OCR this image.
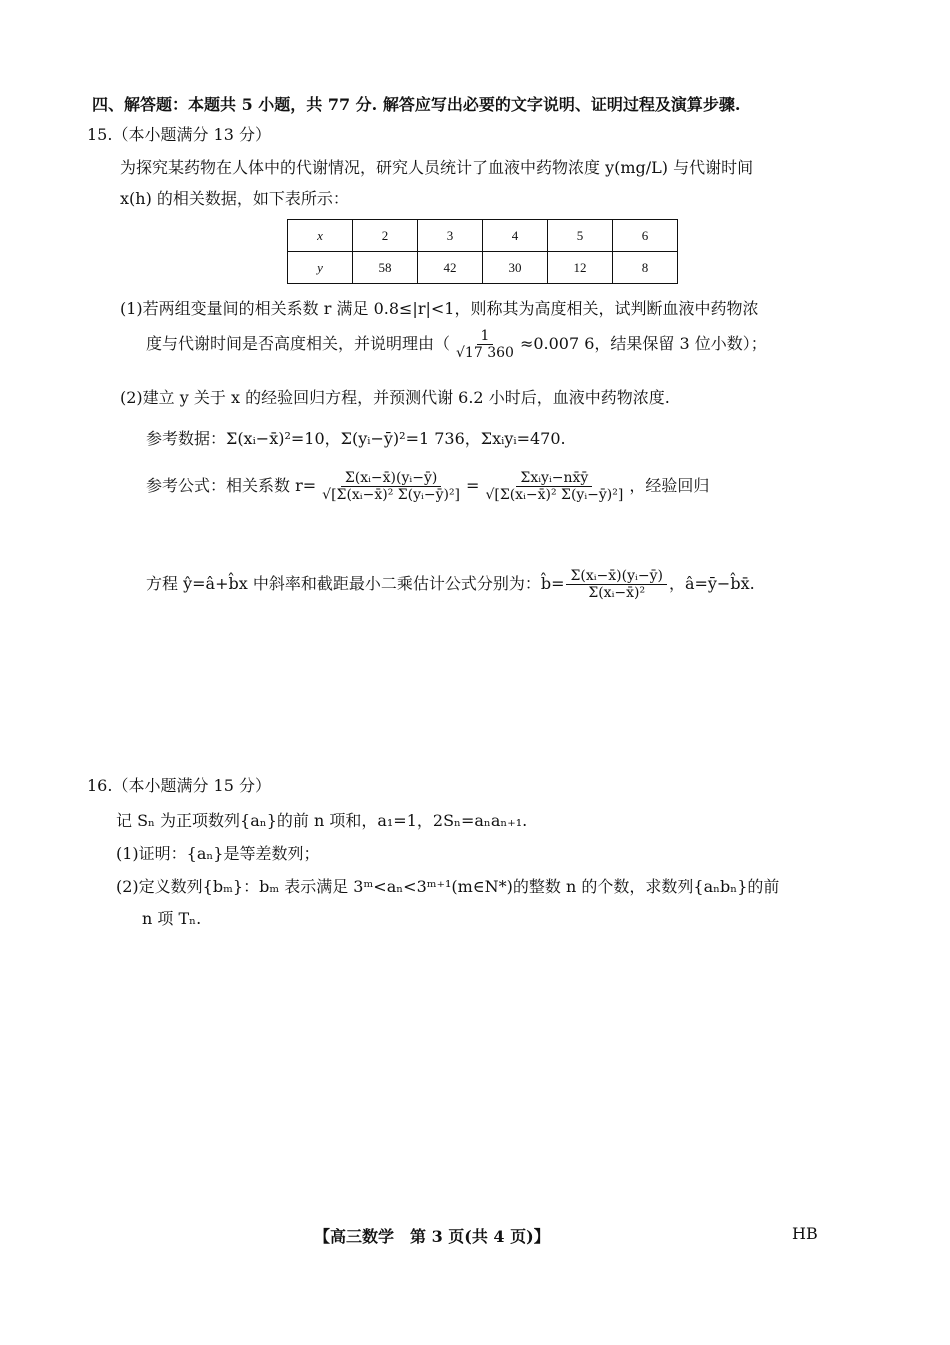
四、解答题：本题共 5 小题，共 77 分. 解答应写出必要的文字说明、证明过程及演算步骤.
15.（本小题满分 13 分）
为探究某药物在人体中的代谢情况，研究人员统计了血液中药物浓度 y(mg/L) 与代谢时间
x(h) 的相关数据，如下表所示：
x	2	3	4	5	6
y	58	42	30	12	8
(1)若两组变量间的相关系数 r 满足 0.8≤|r|<1，则称其为高度相关，试判断血液中药物浓
度与代谢时间是否高度相关，并说明理由（ $\frac{1}{√17 360} \approx 0.007$ 6，结果保留 3 位小数）；
(2)建立 y 关于 x 的经验回归方程，并预测代谢 6.2 小时后，血液中药物浓度.
参考数据：Σ(xᵢ−x̄)²=10，Σ(yᵢ−ȳ)²=1 736，Σxᵢyᵢ=470.
参考公式：相关系数 $r= \frac{\text{Σ(xᵢ−x̄)(yᵢ−ȳ)}}{\text{√[Σ(xᵢ−x̄)² Σ(yᵢ−ȳ)²]}} = \frac{\text{Σxᵢyᵢ−nx̄ȳ}}{\text{√[Σ(xᵢ−x̄)² Σ(yᵢ−ȳ)²]}}$ ，经验回归
方程 ŷ=â+b̂x 中斜率和截距最小二乘估计公式分别为：b̂= $\frac{\text{Σ(xᵢ−x̄)(yᵢ−ȳ)}}{\text{Σ(xᵢ−x̄)²}}$ ，â=ȳ−b̂x̄.
16.（本小题满分 15 分）
记 Sₙ 为正项数列{aₙ}的前 n 项和，a₁=1，2Sₙ=aₙaₙ₊₁.
(1)证明：{aₙ}是等差数列；
(2)定义数列{bₘ}：bₘ 表示满足 3ᵐ<aₙ<3ᵐ⁺¹(m∈N*)的整数 n 的个数，求数列{aₙbₙ}的前
n 项 Tₙ.
【高三数学　第 3 页(共 4 页)】	HB
